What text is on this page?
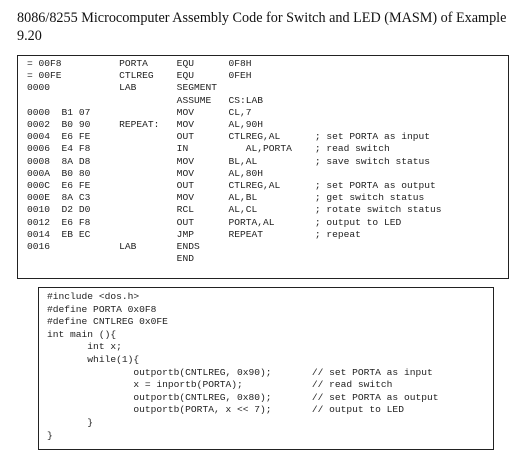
8086/8255 Microcomputer Assembly Code for Switch and LED (MASM) of Example 9.20
= 00F8          PORTA     EQU      0F8H
= 00FE          CTLREG    EQU      0FEH
0000            LAB       SEGMENT
ASSUME   CS:LAB
0000  B1 07               MOV      CL,7
0002  B0 90     REPEAT:   MOV      AL,90H
0004  E6 FE               OUT      CTLREG,AL      ; set PORTA as input
0006  E4 F8               IN          AL,PORTA    ; read switch
0008  8A D8               MOV      BL,AL          ; save switch status
000A  B0 80               MOV      AL,80H
000C  E6 FE               OUT      CTLREG,AL      ; set PORTA as output
000E  8A C3               MOV      AL,BL          ; get switch status
0010  D2 D0               RCL      AL,CL          ; rotate switch status
0012  E6 F8               OUT      PORTA,AL       ; output to LED
0014  EB EC               JMP      REPEAT         ; repeat
0016            LAB       ENDS
END
#include <dos.h>
#define PORTA 0x0F8
#define CNTLREG 0x0FE
int main (){
int x;
while(1){
outportb(CNTLREG, 0x90);       // set PORTA as input
x = inportb(PORTA);            // read switch
outportb(CNTLREG, 0x80);       // set PORTA as output
outportb(PORTA, x << 7);       // output to LED
}
}
